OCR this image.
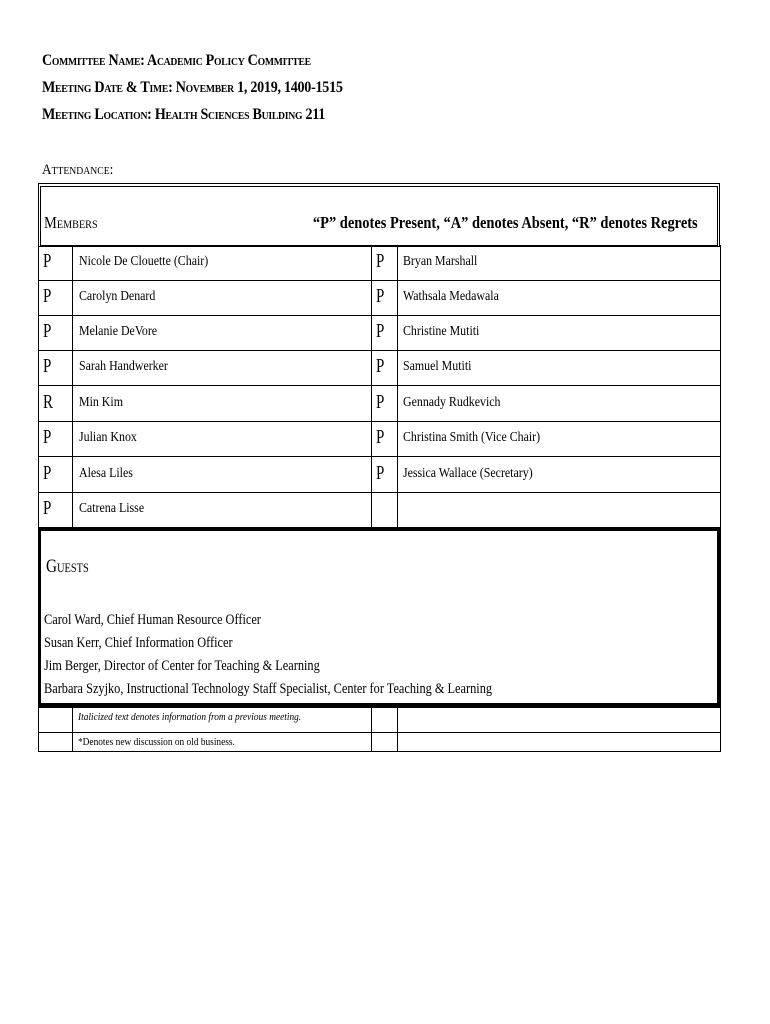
Committee Name: Academic Policy Committee
Meeting Date & Time: November 1, 2019, 1400-1515
Meeting Location: Health Sciences Building 211
Attendance:
Members	“P” denotes Present, “A” denotes Absent, “R” denotes Regrets
P Nicole De Clouette (Chair)	P Bryan Marshall
P Carolyn Denard	P Wathsala Medawala
P Melanie DeVore	P Christine Mutiti
P Sarah Handwerker	P Samuel Mutiti
R Min Kim	P Gennady Rudkevich
P Julian Knox	P Christina Smith (Vice Chair)
P Alesa Liles	P Jessica Wallace (Secretary)
P Catrena Lisse
Guests
Carol Ward, Chief Human Resource Officer
Susan Kerr, Chief Information Officer
Jim Berger, Director of Center for Teaching & Learning
Barbara Szyjko, Instructional Technology Staff Specialist, Center for Teaching & Learning
Italicized text denotes information from a previous meeting.
*Denotes new discussion on old business.
